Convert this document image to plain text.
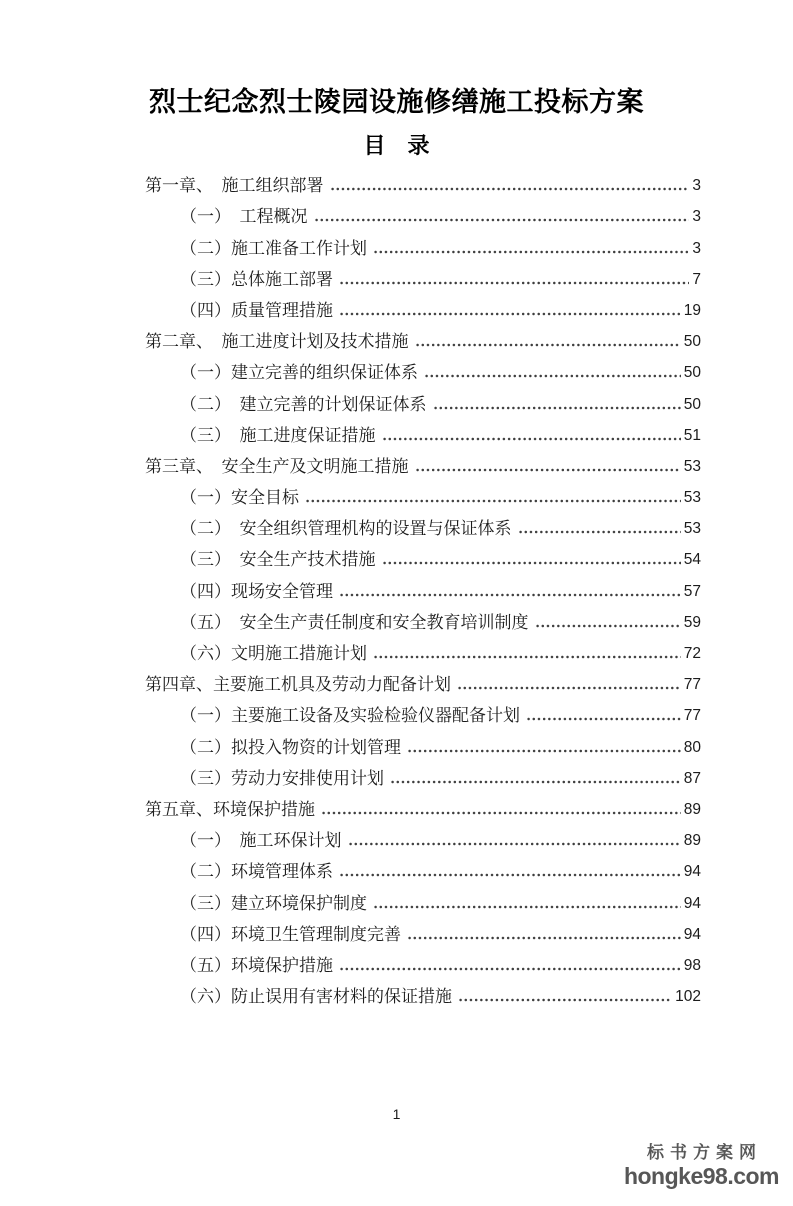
烈士纪念烈士陵园设施修缮施工投标方案
目　录
第一章、　施工组织部署	3
（一）　工程概况	3
（二）施工准备工作计划	3
（三）总体施工部署	7
（四）质量管理措施	19
第二章、　施工进度计划及技术措施	50
（一）建立完善的组织保证体系	50
（二）　建立完善的计划保证体系	50
（三）　施工进度保证措施	51
第三章、　安全生产及文明施工措施	53
（一）安全目标	53
（二）　安全组织管理机构的设置与保证体系	53
（三）　安全生产技术措施	54
（四）现场安全管理	57
（五）　安全生产责任制度和安全教育培训制度	59
（六）文明施工措施计划	72
第四章、主要施工机具及劳动力配备计划	77
（一）主要施工设备及实验检验仪器配备计划	77
（二）拟投入物资的计划管理	80
（三）劳动力安排使用计划	87
第五章、环境保护措施	89
（一）　施工环保计划	89
（二）环境管理体系	94
（三）建立环境保护制度	94
（四）环境卫生管理制度完善	94
（五）环境保护措施	98
（六）防止误用有害材料的保证措施	102
1
标书方案网
hongke98.com
